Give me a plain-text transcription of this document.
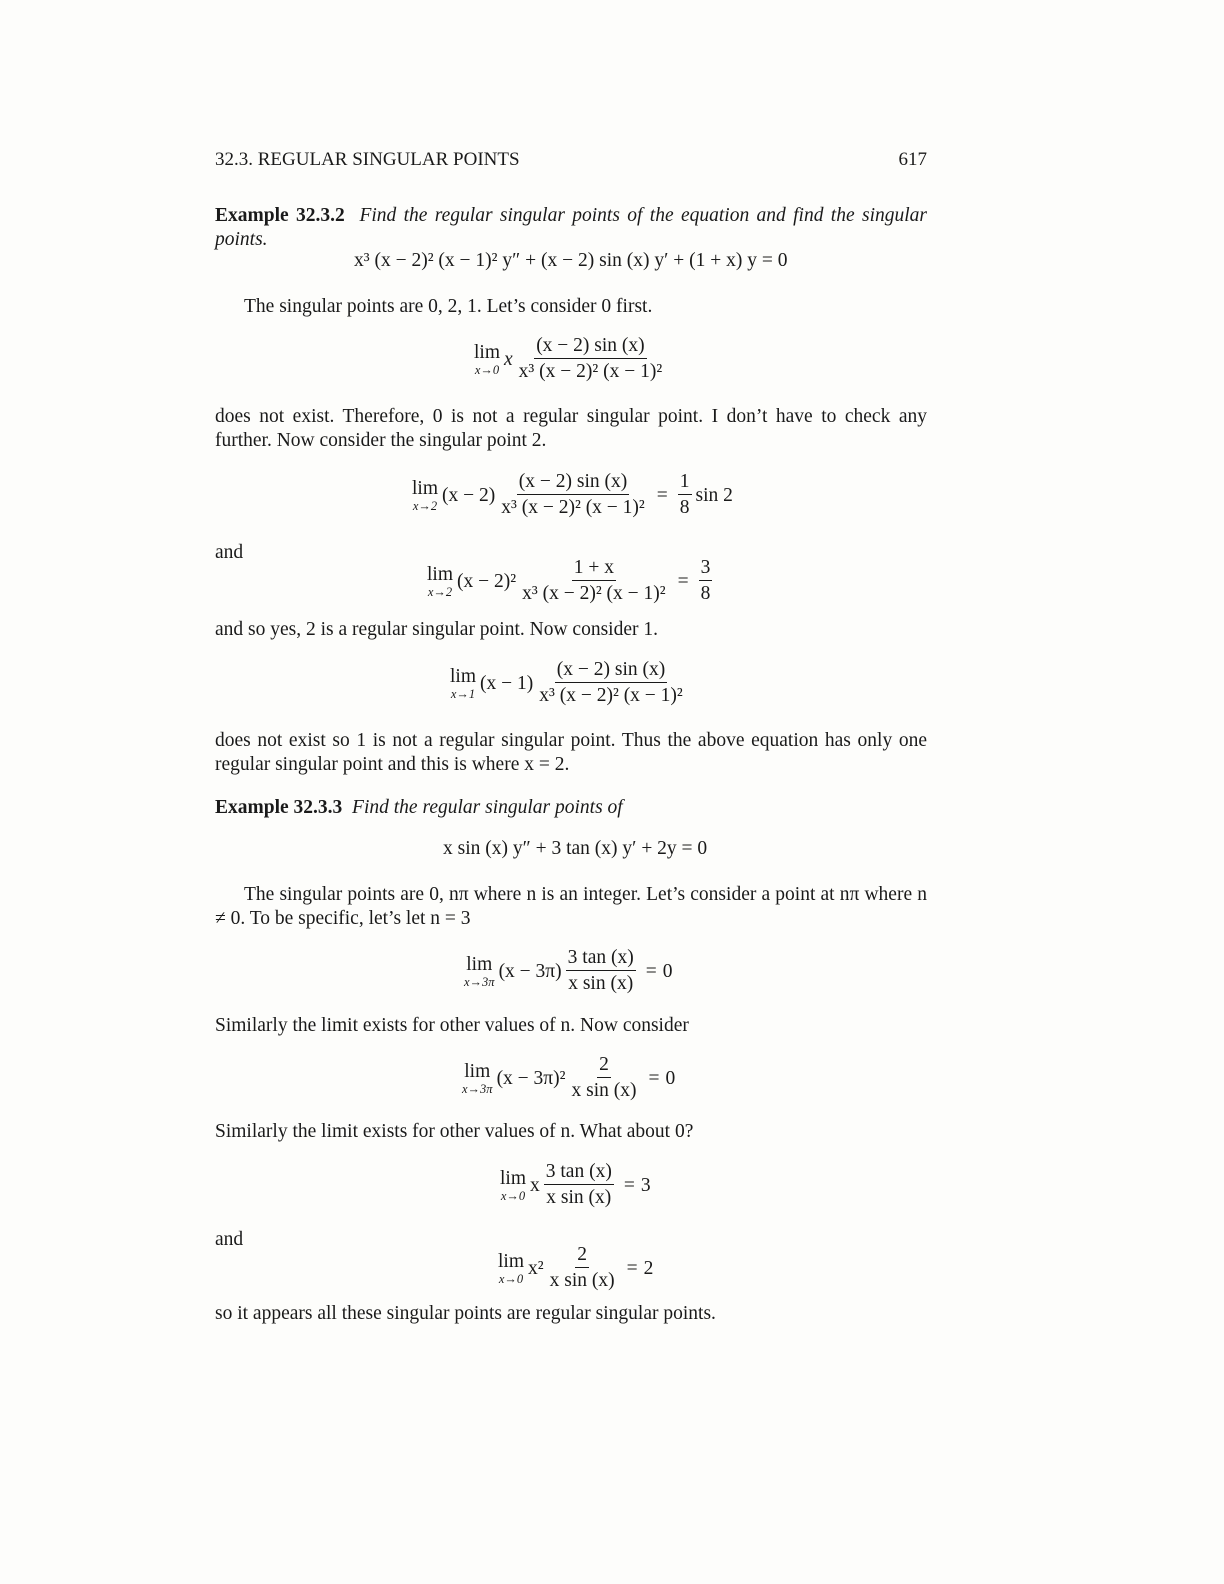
32.3. REGULAR SINGULAR POINTS	617
Example 32.3.2 Find the regular singular points of the equation and find the singular points.
x³ (x − 2)² (x − 1)² y″ + (x − 2) sin (x) y′ + (1 + x) y = 0
The singular points are 0, 2, 1. Let’s consider 0 first.
lim
x→0 x $\frac{(x - 2) \sin (x)}{\text{x³ (x − 2)² (x − 1)²}}$
does not exist. Therefore, 0 is not a regular singular point. I don’t have to check any further. Now consider the singular point 2.
lim
x→2 $(x - 2) \frac{(x - 2) \sin (x)}{\text{x³ (x − 2)² (x − 1)²}} = \frac{1}{8}$ sin 2
and
lim
x→2 $(x - 2)^2 \frac{1 + x}{\text{x³ (x − 2)² (x − 1)²}} = \frac{3}{8}$
and so yes, 2 is a regular singular point. Now consider 1.
lim
x→1 $(x - 1) \frac{(x - 2) \sin (x)}{\text{x³ (x − 2)² (x − 1)²}}$
does not exist so 1 is not a regular singular point. Thus the above equation has only one regular singular point and this is where x = 2.
Example 32.3.3 Find the regular singular points of
x sin (x) y″ + 3 tan (x) y′ + 2y = 0
The singular points are 0, nπ where n is an integer. Let’s consider a point at nπ where n ≠ 0. To be specific, let’s let n = 3
lim
x→3π $(x - 3\pi) \frac{3 \tan (x)}{\text{x sin (x)}} = 0$
Similarly the limit exists for other values of n. Now consider
lim
x→3π $(x - 3\pi)^2 \frac{2}{\text{x sin (x)}} = 0$
Similarly the limit exists for other values of n. What about 0?
lim
x→0 x $\frac{3 \tan (x)}{\text{x sin (x)}} = 3$
and
lim
x→0 $x^2 \frac{2}{\text{x sin (x)}} = 2$
so it appears all these singular points are regular singular points.
